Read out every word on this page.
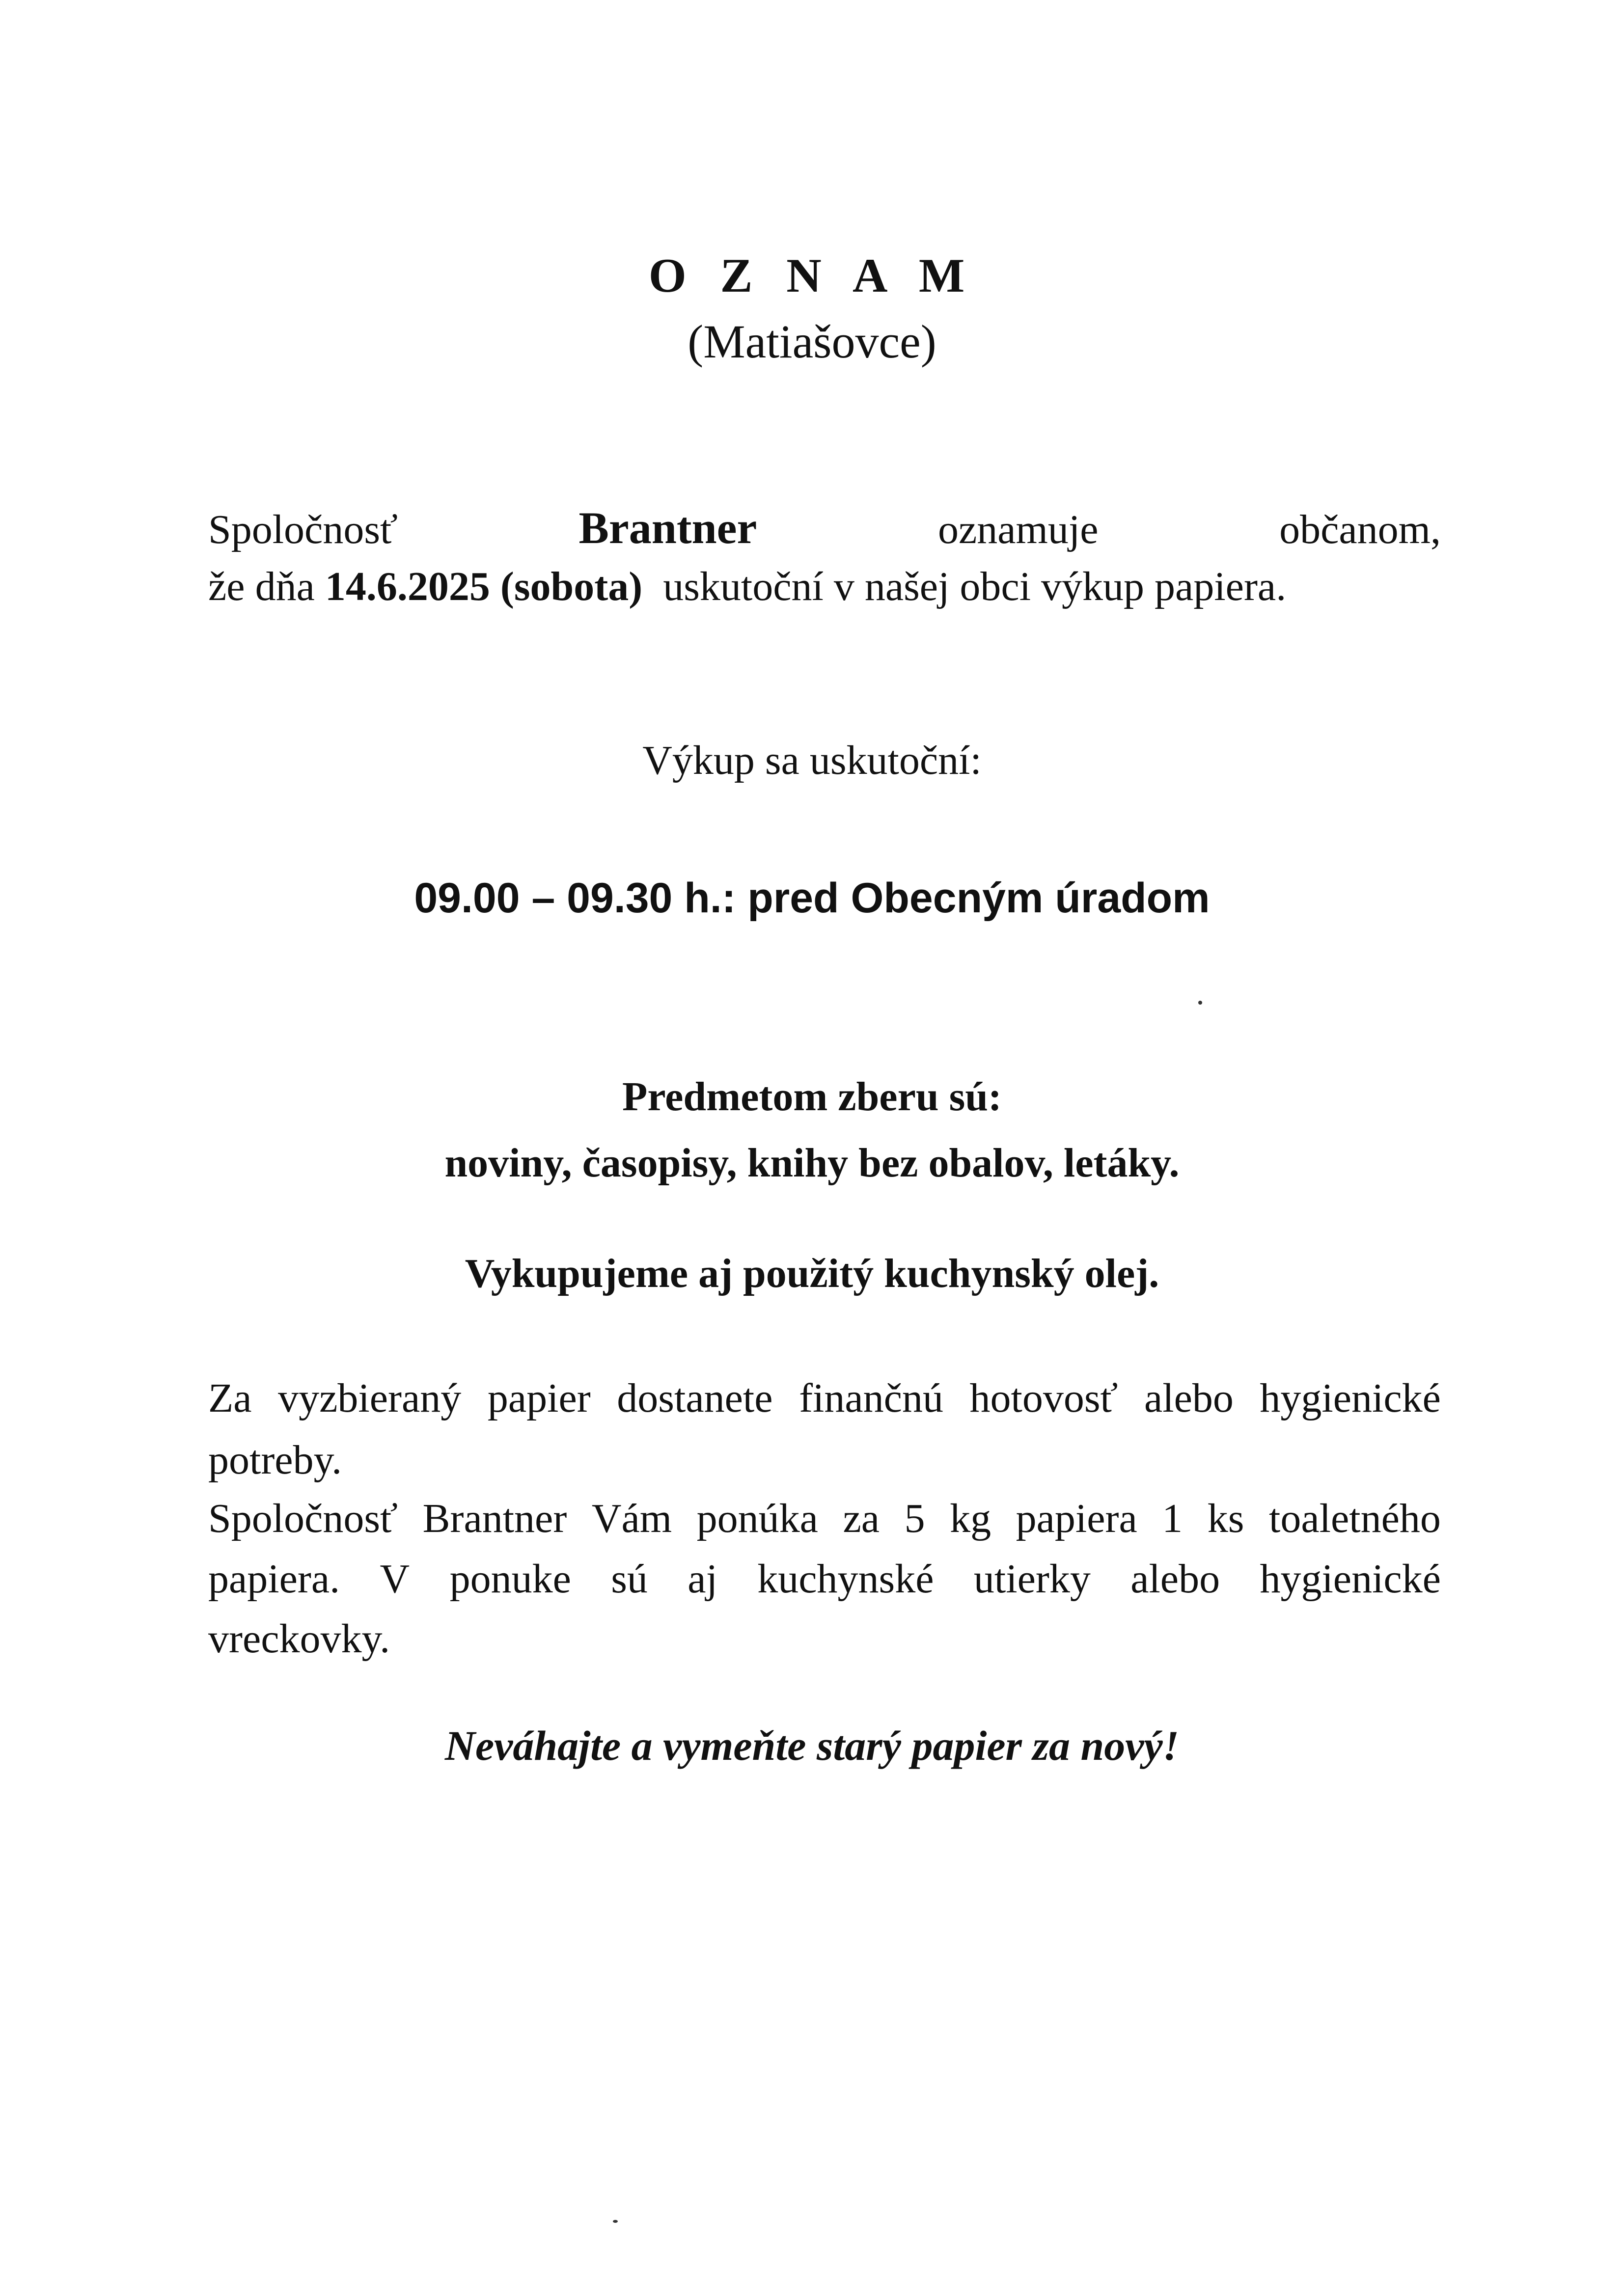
O Z N A M
(Matiašovce)
Spoločnosť	Brantner	oznamuje	občanom,
že dňa 14.6.2025 (sobota) uskutoční v našej obci výkup papiera.
Výkup sa uskutoční:
09.00 – 09.30 h.: pred Obecným úradom
Predmetom zberu sú:
noviny, časopisy, knihy bez obalov, letáky.
Vykupujeme aj použitý kuchynský olej.
Za vyzbieraný papier dostanete finančnú hotovosť alebo hygienické
potreby.
Spoločnosť Brantner Vám ponúka za 5 kg papiera 1 ks toaletného
papiera. V ponuke sú aj kuchynské utierky alebo hygienické
vreckovky.
Neváhajte a vymeňte starý papier za nový!
